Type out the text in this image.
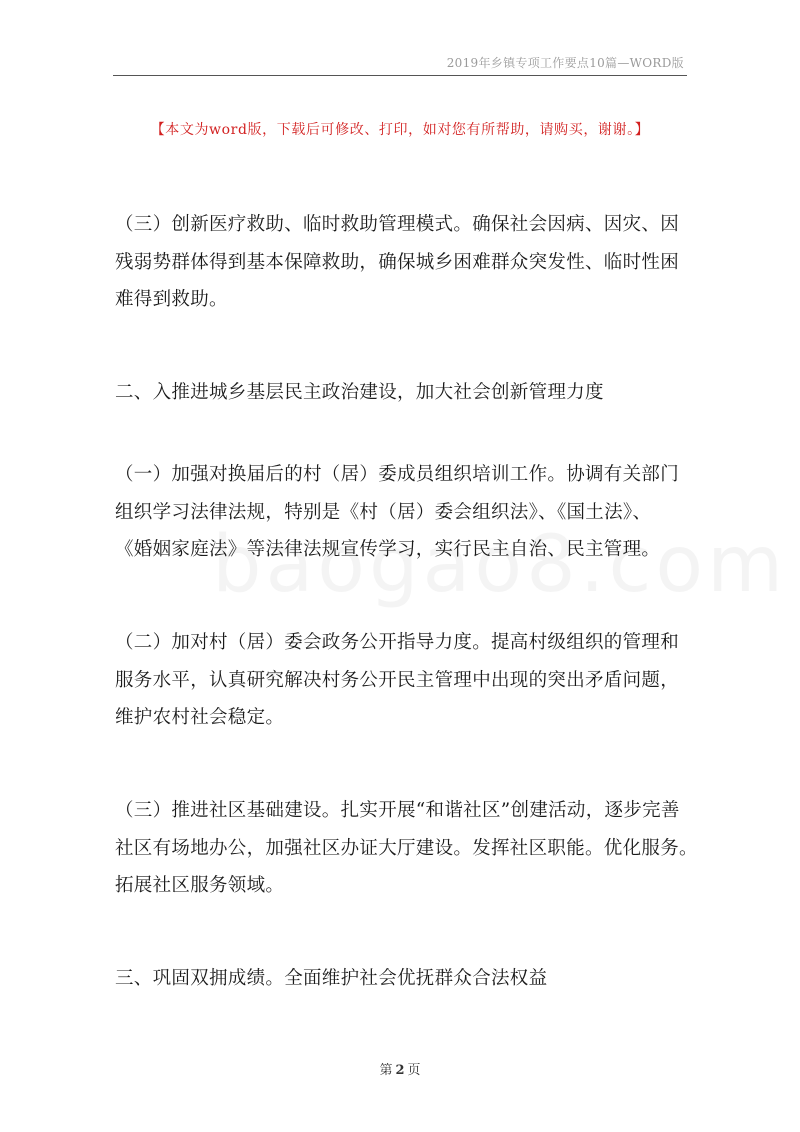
2019年乡镇专项工作要点10篇—WORD版
【本文为word版，下载后可修改、打印，如对您有所帮助，请购买，谢谢。】
（三）创新医疗救助、临时救助管理模式。确保社会因病、因灾、因
残弱势群体得到基本保障救助，确保城乡困难群众突发性、临时性困
难得到救助。
二、入推进城乡基层民主政治建设，加大社会创新管理力度
（一）加强对换届后的村（居）委成员组织培训工作。协调有关部门
组织学习法律法规，特别是《村（居）委会组织法》、《国土法》、
《婚姻家庭法》等法律法规宣传学习，实行民主自治、民主管理。
（二）加对村（居）委会政务公开指导力度。提高村级组织的管理和
服务水平，认真研究解决村务公开民主管理中出现的突出矛盾问题，
维护农村社会稳定。
（三）推进社区基础建设。扎实开展“和谐社区”创建活动，逐步完善
社区有场地办公，加强社区办证大厅建设。发挥社区职能。优化服务。
拓展社区服务领域。
三、巩固双拥成绩。全面维护社会优抚群众合法权益
第 2 页
